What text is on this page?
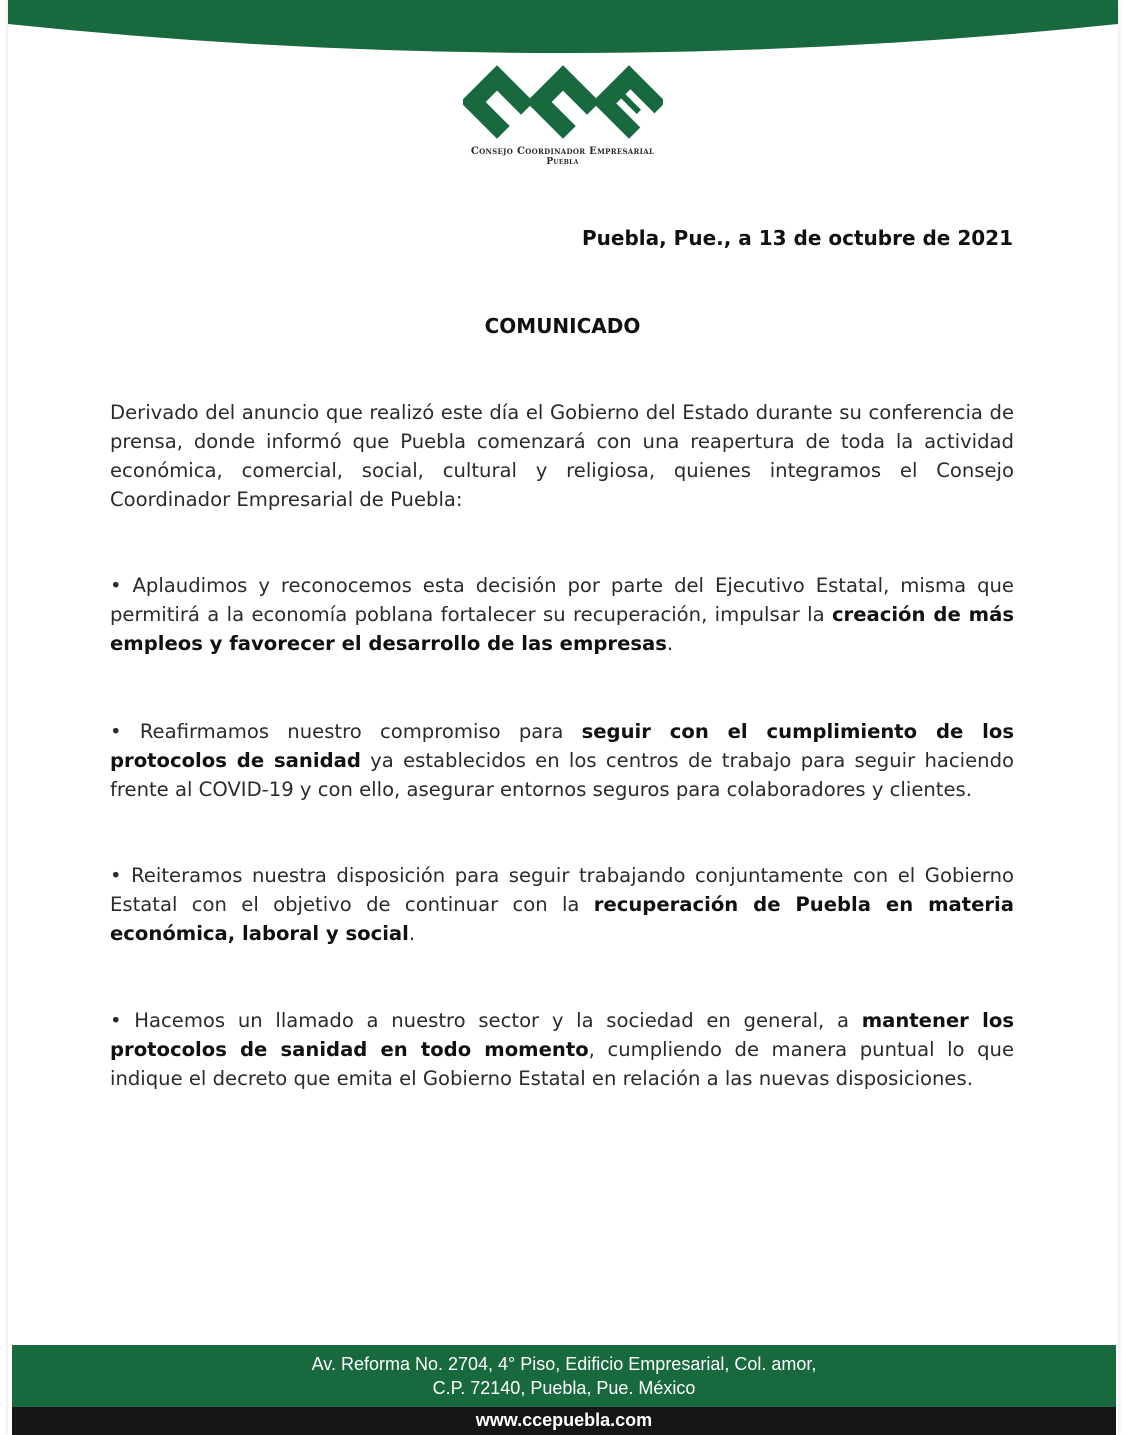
Consejo Coordinador Empresarial
Puebla
Puebla, Pue., a 13 de octubre de 2021
COMUNICADO

Derivado del anuncio que realizó este día el Gobierno del Estado durante su conferencia de prensa, donde informó que Puebla comenzará con una reapertura de toda la actividad económica, comercial, social, cultural y religiosa, quienes integramos el Consejo Coordinador Empresarial de Puebla:

• Aplaudimos y reconocemos esta decisión por parte del Ejecutivo Estatal, misma que permitirá a la economía poblana fortalecer su recuperación, impulsar la creación de más empleos y favorecer el desarrollo de las empresas.

• Reafirmamos nuestro compromiso para seguir con el cumplimiento de los protocolos de sanidad ya establecidos en los centros de trabajo para seguir haciendo frente al COVID-19 y con ello, asegurar entornos seguros para colaboradores y clientes.

• Reiteramos nuestra disposición para seguir trabajando conjuntamente con el Gobierno Estatal con el objetivo de continuar con la recuperación de Puebla en materia económica, laboral y social.

• Hacemos un llamado a nuestro sector y la sociedad en general, a mantener los protocolos de sanidad en todo momento, cumpliendo de manera puntual lo que indique el decreto que emita el Gobierno Estatal en relación a las nuevas disposiciones.

Av. Reforma No. 2704, 4° Piso, Edificio Empresarial, Col. amor,
C.P. 72140, Puebla, Pue. México
www.ccepuebla.com
